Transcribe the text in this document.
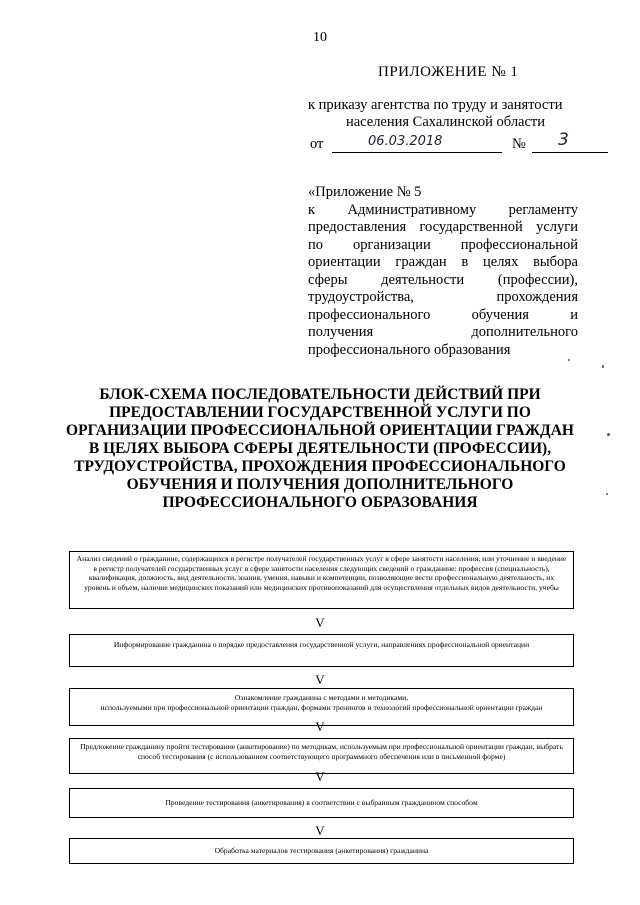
10
ПРИЛОЖЕНИЕ № 1
к приказу агентства по труду и занятости
населения Сахалинской области
от	06.03.2018	№ 3
«Приложение № 5
к Административному регламенту
предоставления государственной услуги
по организации профессиональной
ориентации граждан в целях выбора
сферы деятельности (профессии),
трудоустройства, прохождения
профессионального обучения и
получения дополнительного
профессионального образования
БЛОК-СХЕМА ПОСЛЕДОВАТЕЛЬНОСТИ ДЕЙСТВИЙ ПРИ
ПРЕДОСТАВЛЕНИИ ГОСУДАРСТВЕННОЙ УСЛУГИ ПО
ОРГАНИЗАЦИИ ПРОФЕССИОНАЛЬНОЙ ОРИЕНТАЦИИ ГРАЖДАН
В ЦЕЛЯХ ВЫБОРА СФЕРЫ ДЕЯТЕЛЬНОСТИ (ПРОФЕССИИ),
ТРУДОУСТРОЙСТВА, ПРОХОЖДЕНИЯ ПРОФЕССИОНАЛЬНОГО
ОБУЧЕНИЯ И ПОЛУЧЕНИЯ ДОПОЛНИТЕЛЬНОГО
ПРОФЕССИОНАЛЬНОГО ОБРАЗОВАНИЯ
Анализ сведений о гражданине, содержащихся в регистре получателей государственных услуг в сфере занятости населения, или уточнение и введение в регистр получателей государственных услуг в сфере занятости населения следующих сведений о гражданине: профессия (специальность), квалификация, должность, вид деятельности, знания, умения, навыки и компетенции, позволяющие вести профессиональную деятельность, их уровень и объем, наличие медицинских показаний или медицинских противопоказаний для осуществления отдельных видов деятельности, учебы
V
Информирование гражданина о порядке предоставления государственной услуги, направлениях профессиональной ориентации
V
Ознакомление гражданина с методами и методиками,
используемыми при профессиональной ориентации граждан, формами тренингов и технологий профессиональной ориентации граждан
V
Предложение гражданину пройти тестирование (анкетирование) по методикам, используемым при профессиональной ориентации граждан, выбрать способ тестирования (с использованием соответствующего программного обеспечения или в письменной форме)
V
Проведение тестирования (анкетирования) в соответствии с выбранным гражданином способом
V
Обработка материалов тестирования (анкетирования) гражданина
